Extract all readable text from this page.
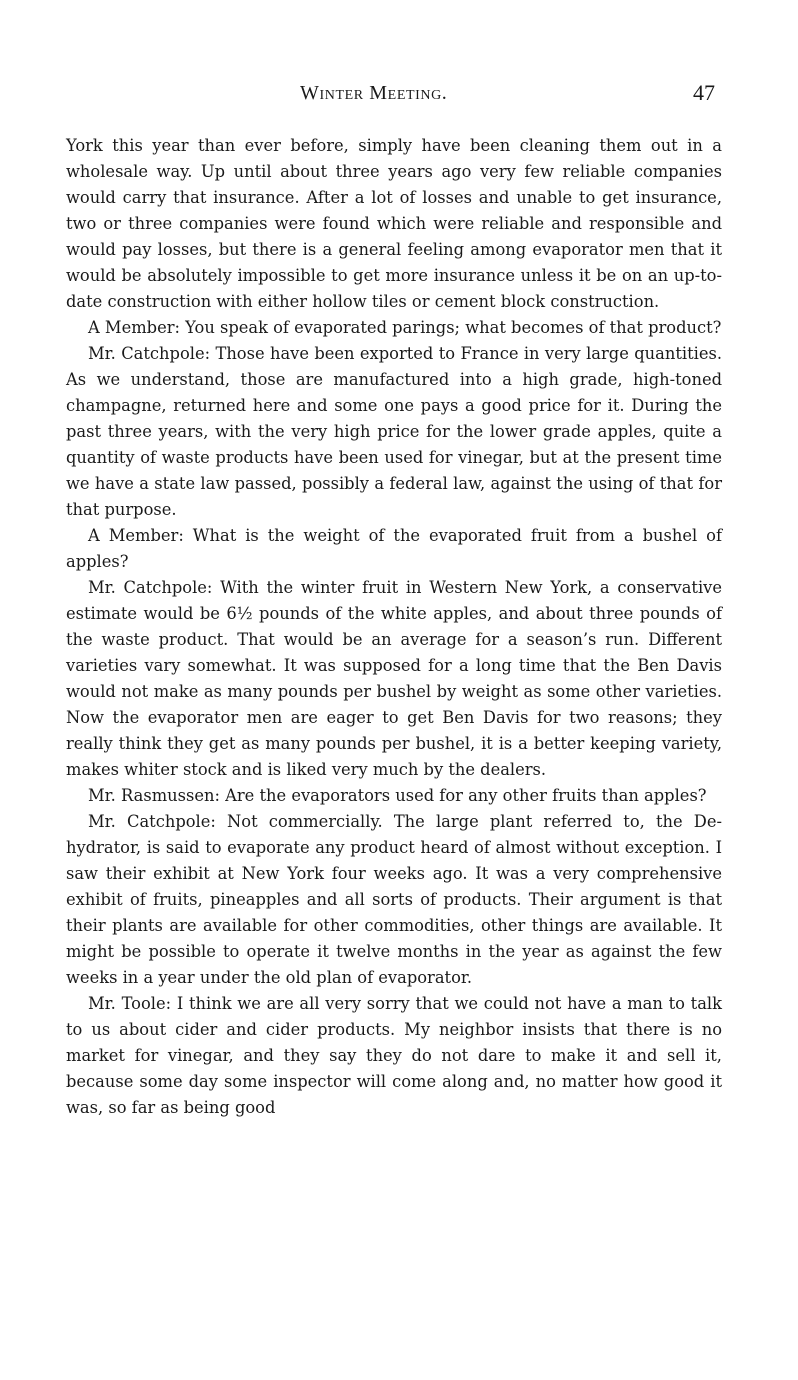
Winter Meeting.	47

York this year than ever before, simply have been cleaning them out in a wholesale way. Up until about three years ago very few reliable companies would carry that insurance. After a lot of losses and unable to get insurance, two or three companies were found which were reliable and responsible and would pay losses, but there is a general feeling among evaporator men that it would be absolutely impossible to get more insurance unless it be on an up-to-date construction with either hollow tiles or cement block construction.

A Member: You speak of evaporated parings; what becomes of that product?

Mr. Catchpole: Those have been exported to France in very large quantities. As we understand, those are manufactured into a high grade, high-toned champagne, returned here and some one pays a good price for it. During the past three years, with the very high price for the lower grade apples, quite a quantity of waste products have been used for vinegar, but at the present time we have a state law passed, possibly a federal law, against the using of that for that purpose.

A Member: What is the weight of the evaporated fruit from a bushel of apples?

Mr. Catchpole: With the winter fruit in Western New York, a conservative estimate would be 6½ pounds of the white apples, and about three pounds of the waste product. That would be an average for a season’s run. Different varieties vary somewhat. It was supposed for a long time that the Ben Davis would not make as many pounds per bushel by weight as some other varieties. Now the evaporator men are eager to get Ben Davis for two reasons; they really think they get as many pounds per bushel, it is a better keeping variety, makes whiter stock and is liked very much by the dealers.

Mr. Rasmussen: Are the evaporators used for any other fruits than apples?

Mr. Catchpole: Not commercially. The large plant referred to, the De-hydrator, is said to evaporate any product heard of almost without exception. I saw their exhibit at New York four weeks ago. It was a very comprehensive exhibit of fruits, pineapples and all sorts of products. Their argument is that their plants are available for other commodities, other things are available. It might be possible to operate it twelve months in the year as against the few weeks in a year under the old plan of evaporator.

Mr. Toole: I think we are all very sorry that we could not have a man to talk to us about cider and cider products. My neighbor insists that there is no market for vinegar, and they say they do not dare to make it and sell it, because some day some inspector will come along and, no matter how good it was, so far as being good
